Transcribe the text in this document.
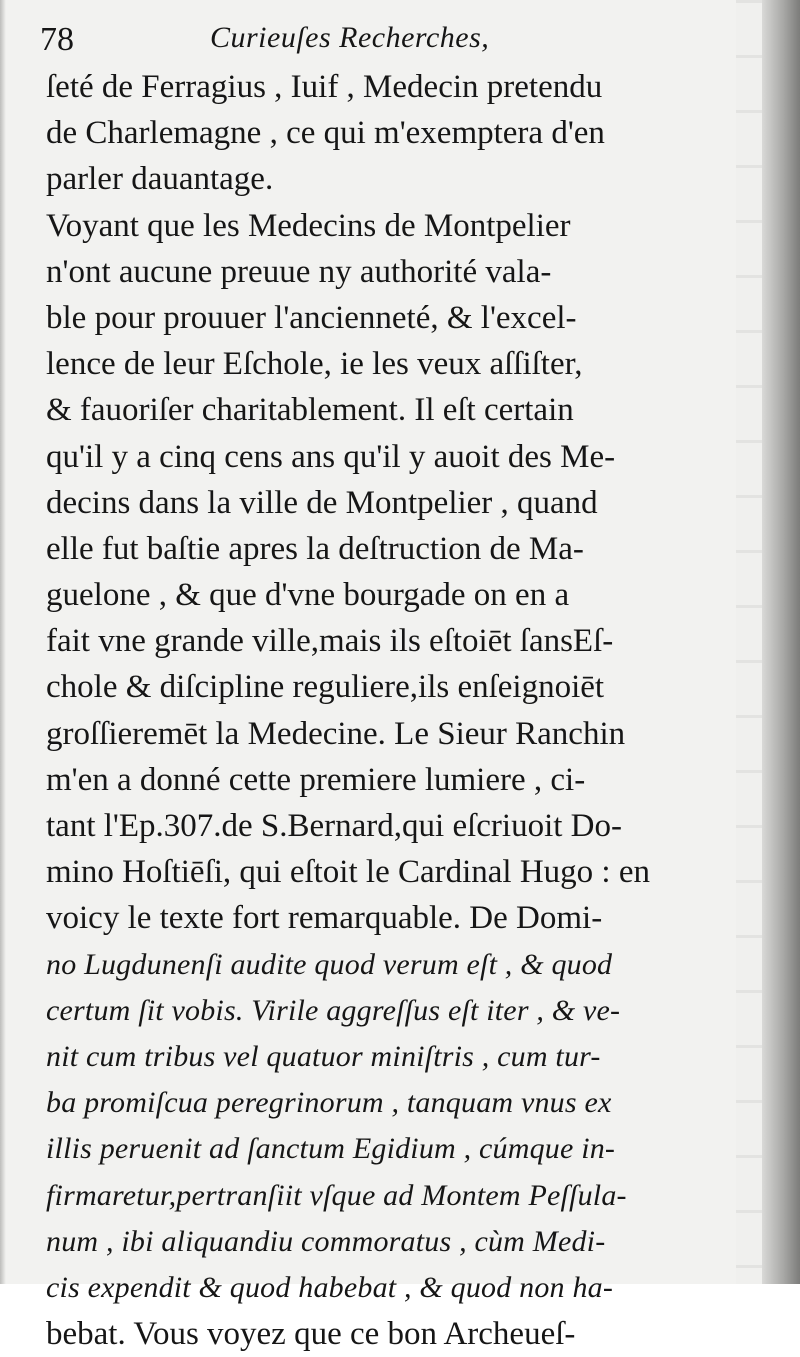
78	Curieuſes Recherches,
ſeté de Ferragius , Iuif , Medecin pretendu
de Charlemagne , ce qui m'exemptera d'en
parler dauantage.
Voyant que les Medecins de Montpelier
n'ont aucune preuue ny authorité vala-
ble pour prouuer l'ancienneté, & l'excel-
lence de leur Eſchole, ie les veux aſſiſter,
& fauoriſer charitablement. Il eſt certain
qu'il y a cinq cens ans qu'il y auoit des Me-
decins dans la ville de Montpelier , quand
elle fut baſtie apres la deſtruction de Ma-
guelone , & que d'vne bourgade on en a
fait vne grande ville,mais ils eſtoiēt ſansEſ-
chole & diſcipline reguliere,ils enſeignoiēt
groſſieremēt la Medecine. Le Sieur Ranchin
m'en a donné cette premiere lumiere , ci-
tant l'Ep.307.de S.Bernard,qui eſcriuoit Do-
mino Hoſtiēſi, qui eſtoit le Cardinal Hugo : en
voicy le texte fort remarquable. De Domi-
no Lugdunenſi audite quod verum eſt , & quod
certum ſit vobis. Virile aggreſſus eſt iter , & ve-
nit cum tribus vel quatuor miniſtris , cum tur-
ba promiſcua peregrinorum , tanquam vnus ex
illis peruenit ad ſanctum Egidium , cúmque in-
firmaretur,pertranſiit vſque ad Montem Peſſula-
num , ibi aliquandiu commoratus , cùm Medi-
cis expendit & quod habebat , & quod non ha-
bebat. Vous voyez que ce bon Archeueſ-
